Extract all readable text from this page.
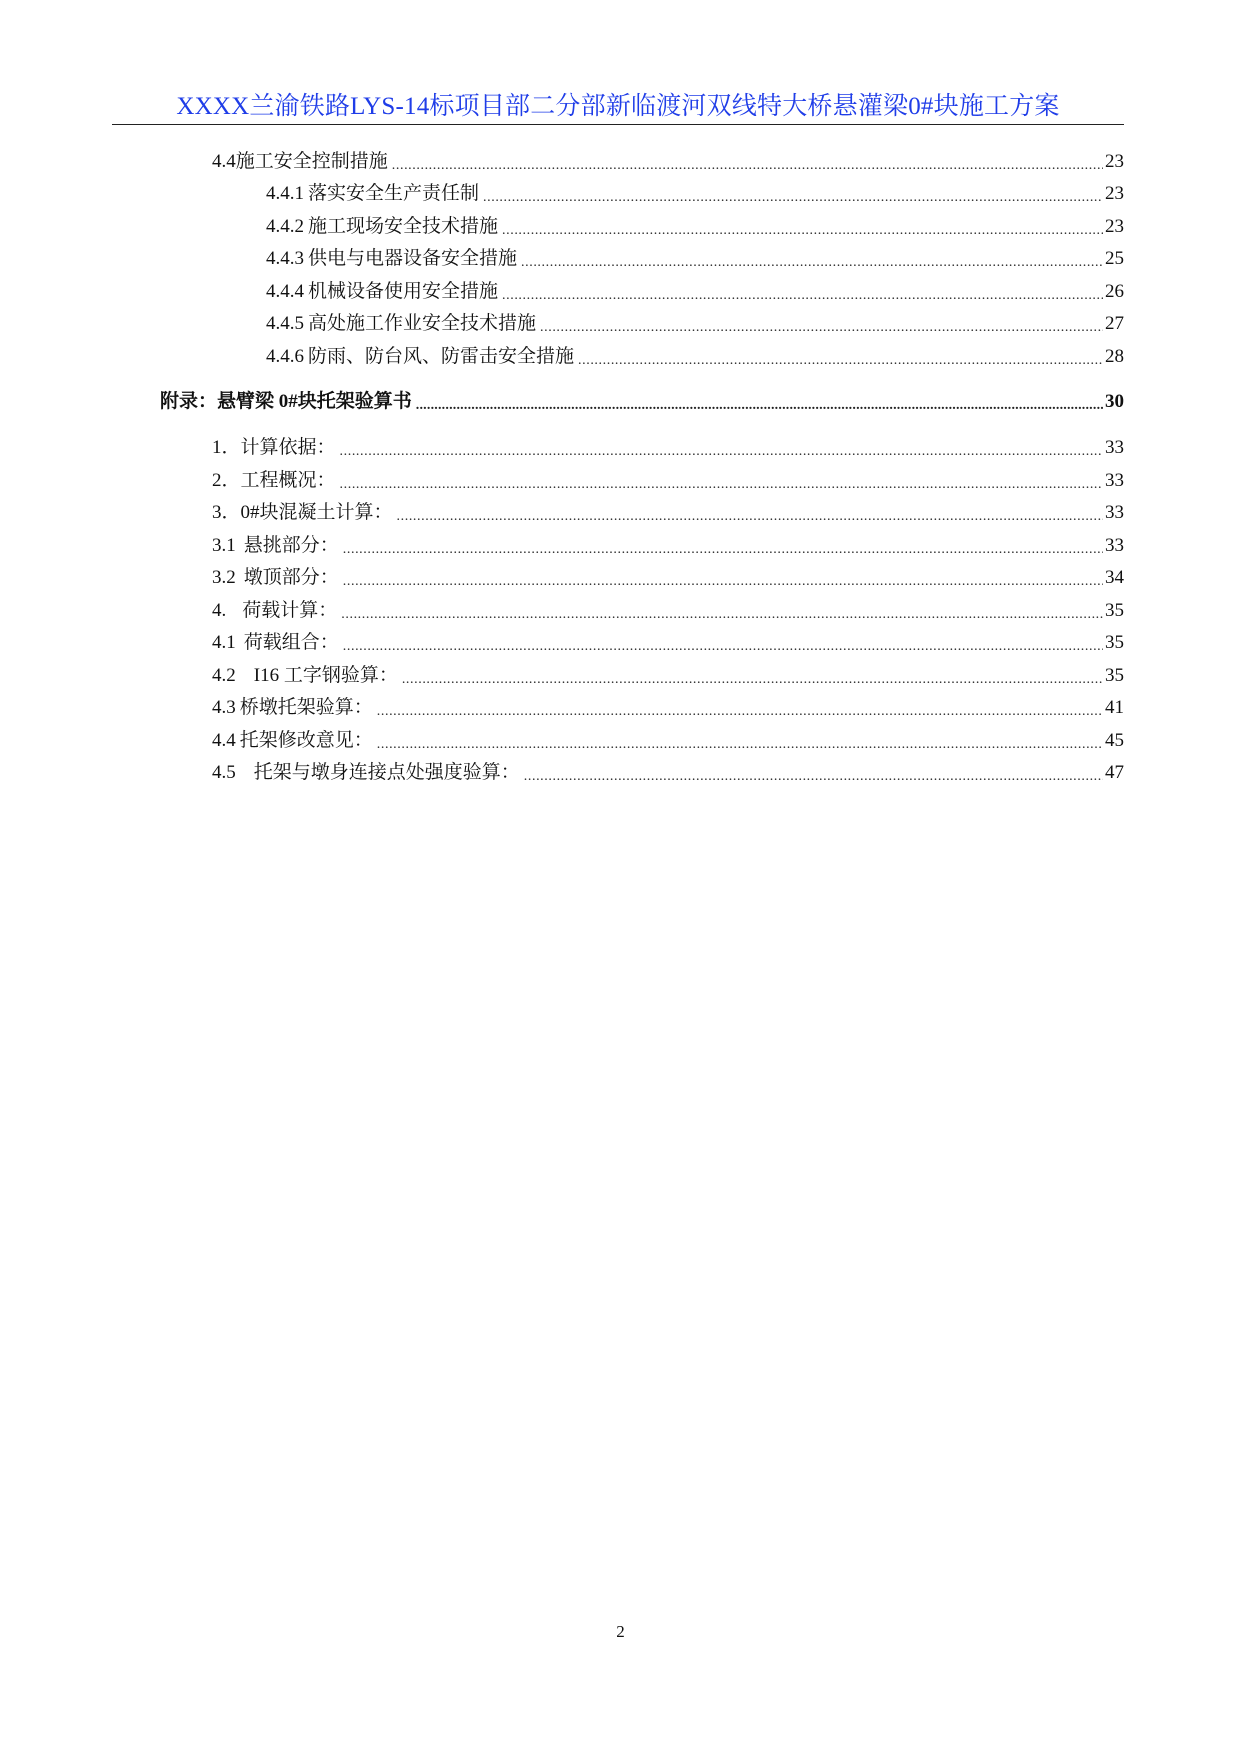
XXXX兰渝铁路LYS-14标项目部二分部新临渡河双线特大桥悬灌梁0#块施工方案
4.4 施工安全控制措施 .....	23
4.4.1 落实安全生产责任制 .....	23
4.4.2 施工现场安全技术措施 .....	23
4.4.3 供电与电器设备安全措施 .....	25
4.4.4 机械设备使用安全措施 .....	26
4.4.5 高处施工作业安全技术措施 .....	27
4.4.6 防雨、防台风、防雷击安全措施 .....	28
附录：悬臂梁 0#块托架验算书 .....	30
1． 计算依据： .....	33
2． 工程概况： .....	33
3． 0#块混凝土计算： .....	33
3.1 悬挑部分： .....	33
3.2 墩顶部分： .....	34
4. 荷载计算： .....	35
4.1 荷载组合： .....	35
4.2 I16 工字钢验算： .....	35
4.3 桥墩托架验算： .....	41
4.4 托架修改意见： .....	45
4.5 托架与墩身连接点处强度验算： .....	47
2
